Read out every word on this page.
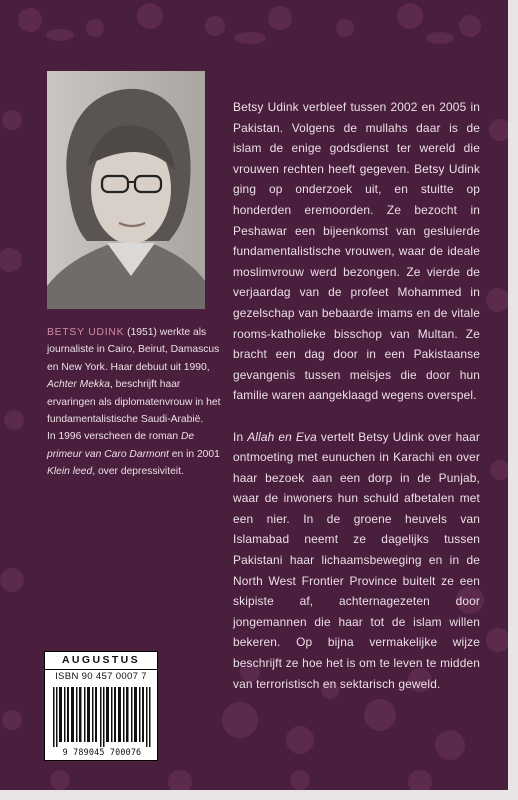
BETSY UDINK (1951) werkte als journaliste in Cairo, Beirut, Damascus en New York. Haar debuut uit 1990, Achter Mekka, beschrijft haar ervaringen als diplomatenvrouw in het fundamentalistische Saudi-Arabië.

In 1996 verscheen de roman De primeur van Caro Darmont en in 2001 Klein leed, over depressiviteit.

Betsy Udink verbleef tussen 2002 en 2005 in Pakistan. Volgens de mullahs daar is de islam de enige godsdienst ter wereld die vrouwen rechten heeft gegeven. Betsy Udink ging op onderzoek uit, en stuitte op honderden eremoorden. Ze bezocht in Peshawar een bijeenkomst van gesluierde fundamentalistische vrouwen, waar de ideale moslimvrouw werd bezongen. Ze vierde de verjaardag van de profeet Mohammed in gezelschap van bebaarde imams en de vitale rooms-katholieke bisschop van Multan. Ze bracht een dag door in een Pakistaanse gevangenis tussen meisjes die door hun familie waren aangeklaagd wegens overspel.

In Allah en Eva vertelt Betsy Udink over haar ontmoeting met eunuchen in Karachi en over haar bezoek aan een dorp in de Punjab, waar de inwoners hun schuld afbetalen met een nier. In de groene heuvels van Islamabad neemt ze dagelijks tussen Pakistani haar lichaamsbeweging en in de North West Frontier Province buitelt ze een skipiste af, achternagezeten door jongemannen die haar tot de islam willen bekeren. Op bijna vermakelijke wijze beschrijft ze hoe het is om te leven te midden van terroristisch en sektarisch geweld.

AUGUSTUS
ISBN 90 457 0007 7
9 789045 700076
